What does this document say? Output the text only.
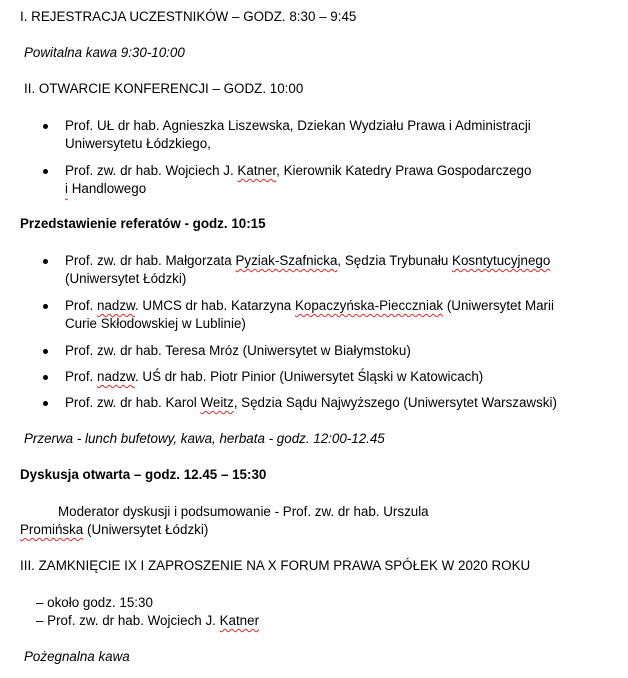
I. REJESTRACJA UCZESTNIKÓW – GODZ. 8:30 – 9:45
Powitalna kawa 9:30-10:00
II. OTWARCIE KONFERENCJI – GODZ. 10:00
Prof. UŁ dr hab. Agnieszka Liszewska, Dziekan Wydziału Prawa i Administracji
Uniwersytetu Łódzkiego,
Prof. zw. dr hab. Wojciech J. Katner, Kierownik Katedry Prawa Gospodarczego
i Handlowego
Przedstawienie referatów - godz. 10:15
Prof. zw. dr hab. Małgorzata Pyziak-Szafnicka, Sędzia Trybunału Kosntytucyjnego
(Uniwersytet Łódzki)
Prof. nadzw. UMCS dr hab. Katarzyna Kopaczyńska-Piecczniak (Uniwersytet Marii
Curie Skłodowskiej w Lublinie)
Prof. zw. dr hab. Teresa Mróz (Uniwersytet w Białymstoku)
Prof. nadzw. UŚ dr hab. Piotr Pinior (Uniwersytet Śląski w Katowicach)
Prof. zw. dr hab. Karol Weitz, Sędzia Sądu Najwyższego (Uniwersytet Warszawski)
Przerwa - lunch bufetowy, kawa, herbata - godz. 12:00-12.45
Dyskusja otwarta – godz. 12.45 – 15:30
Moderator dyskusji i podsumowanie - Prof. zw. dr hab. Urszula
Promińska (Uniwersytet Łódzki)
III. ZAMKNIĘCIE IX I ZAPROSZENIE NA X FORUM PRAWA SPÓŁEK W 2020 ROKU
– około godz. 15:30
– Prof. zw. dr hab. Wojciech J. Katner
Pożegnalna kawa
